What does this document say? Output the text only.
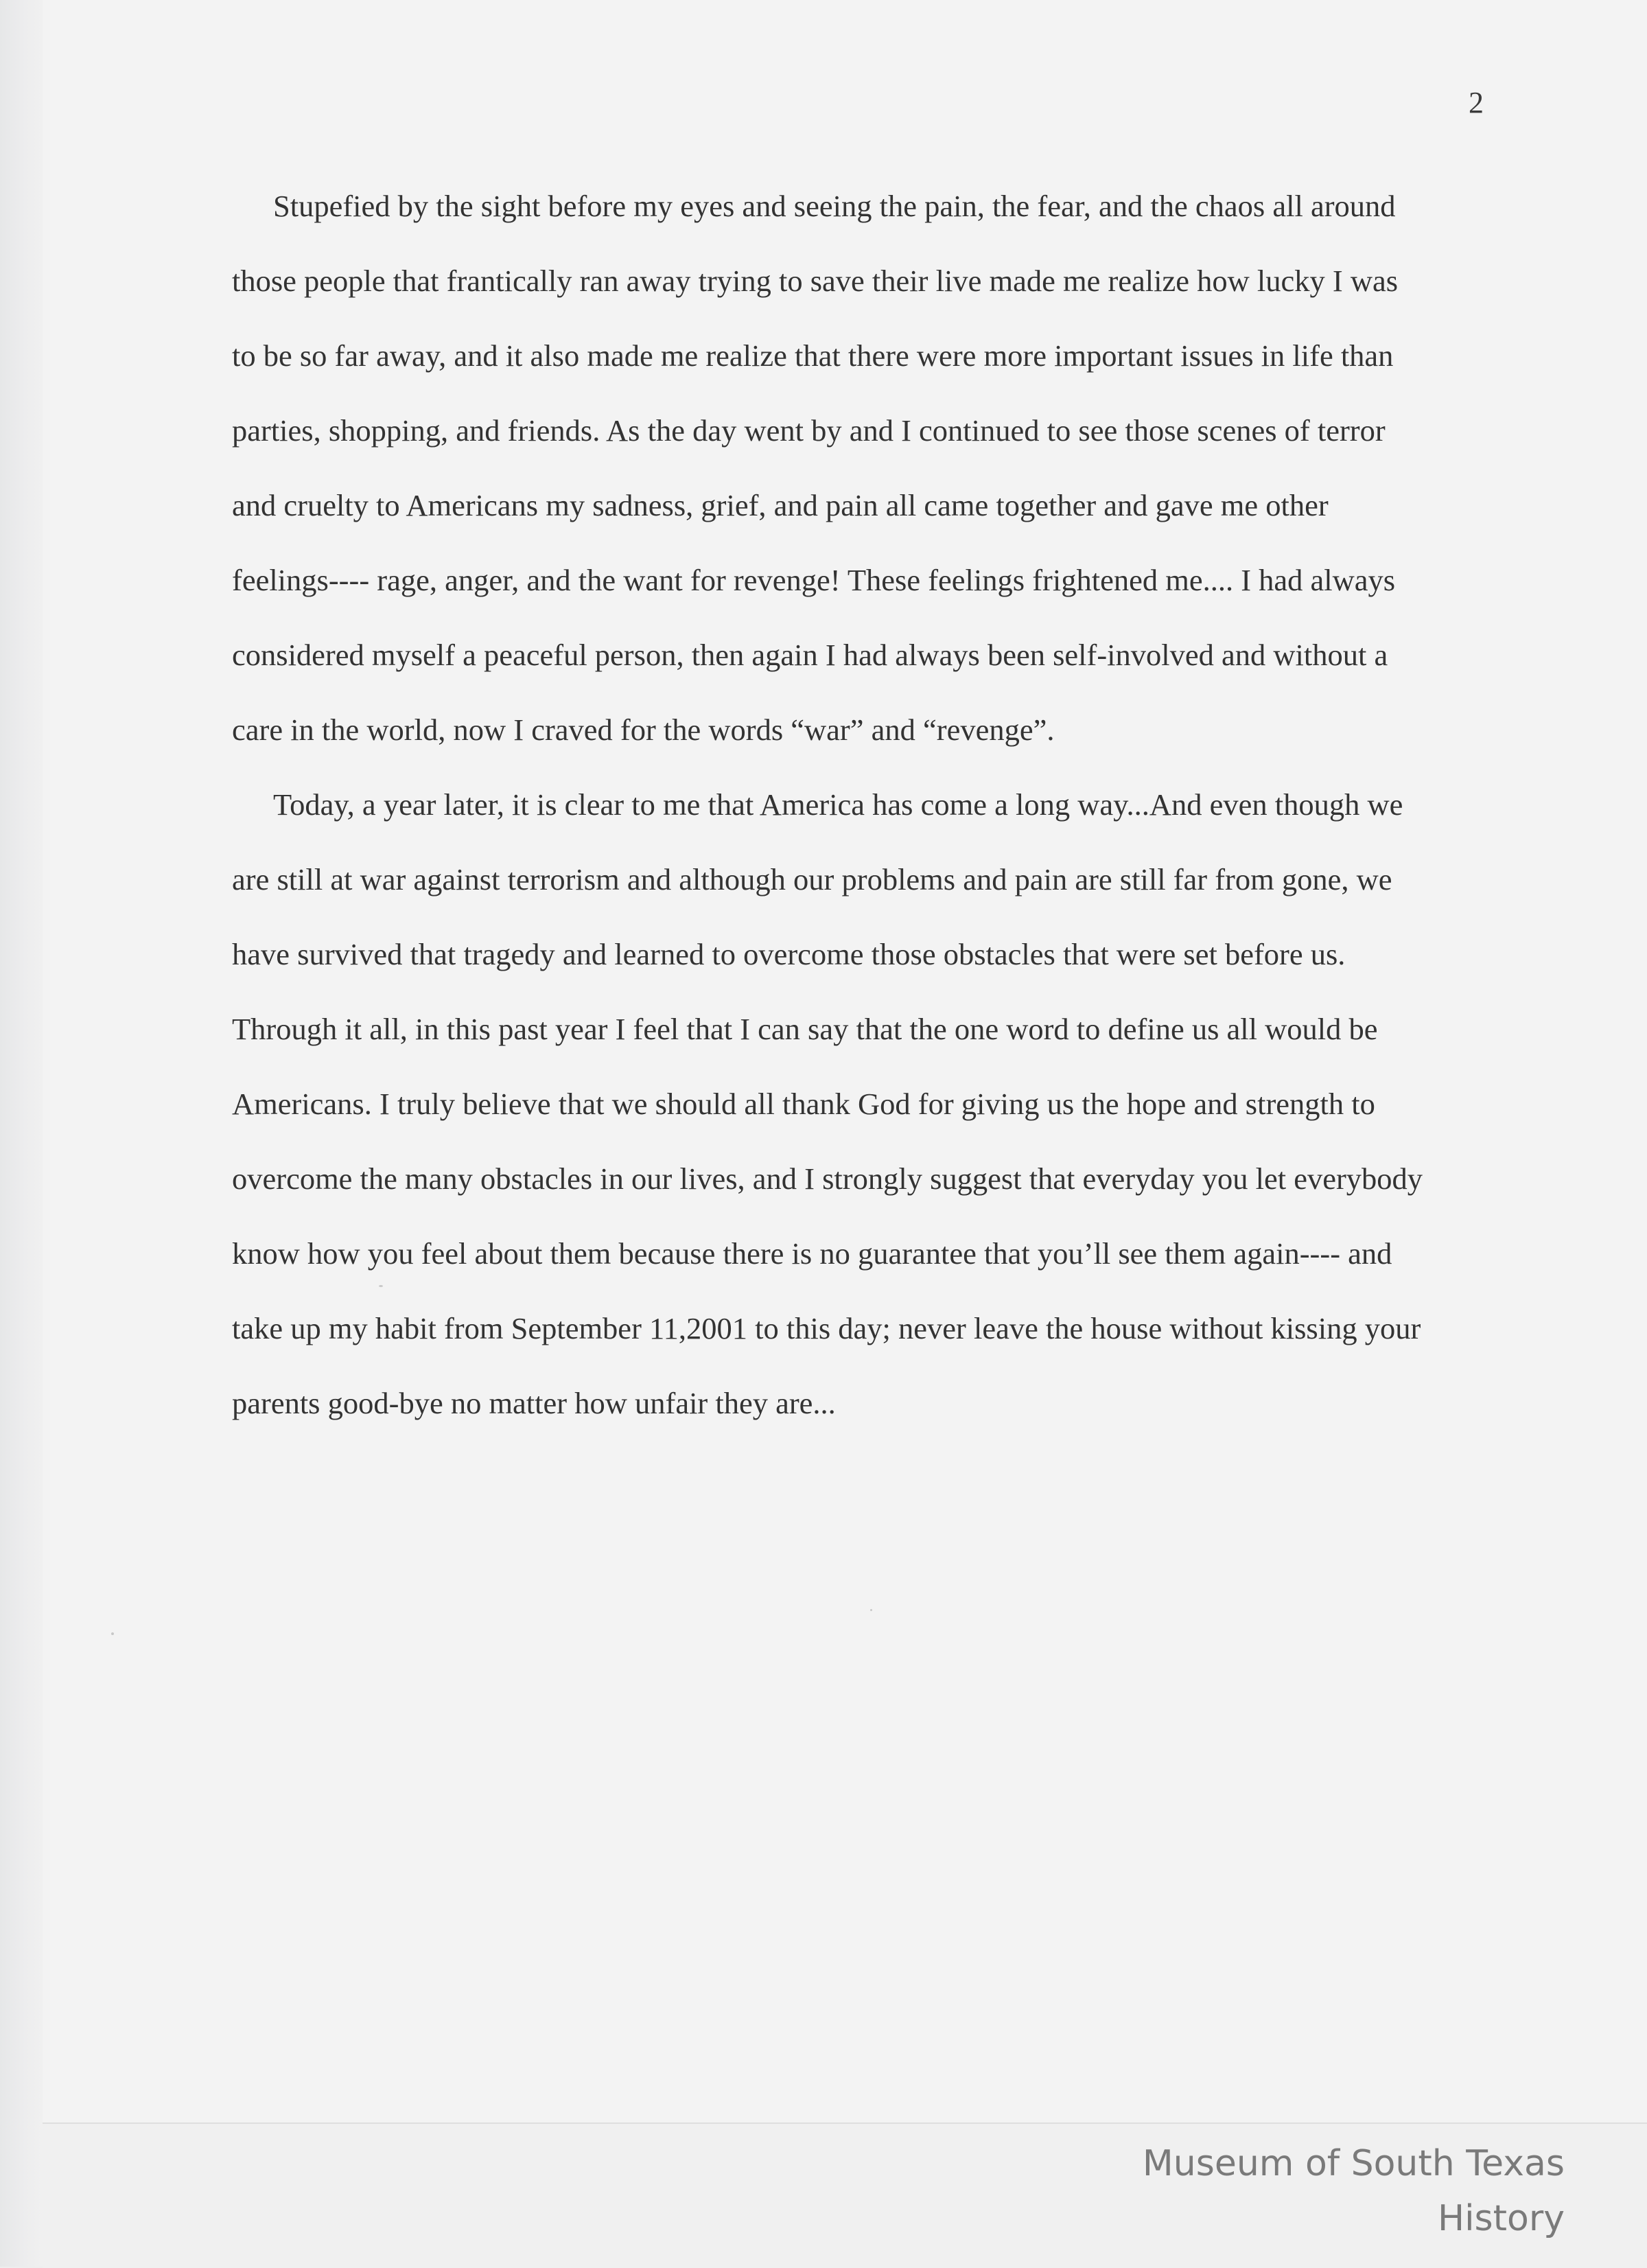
2

Stupefied by the sight before my eyes and seeing the pain, the fear, and the chaos all around
those people that frantically ran away trying to save their live made me realize how lucky I was
to be so far away, and it also made me realize that there were more important issues in life than
parties, shopping, and friends. As the day went by and I continued to see those scenes of terror
and cruelty to Americans my sadness, grief, and pain all came together and gave me other
feelings---- rage, anger, and the want for revenge! These feelings frightened me.... I had always
considered myself a peaceful person, then again I had always been self-involved and without a
care in the world, now I craved for the words “war” and “revenge”.

Today, a year later, it is clear to me that America has come a long way...And even though we
are still at war against terrorism and although our problems and pain are still far from gone, we
have survived that tragedy and learned to overcome those obstacles that were set before us.
Through it all, in this past year I feel that I can say that the one word to define us all would be
Americans. I truly believe that we should all thank God for giving us the hope and strength to
overcome the many obstacles in our lives, and I strongly suggest that everyday you let everybody
know how you feel about them because there is no guarantee that you’ll see them again---- and
take up my habit from September 11,2001 to this day; never leave the house without kissing your
parents good-bye no matter how unfair they are...

Museum of South Texas History
